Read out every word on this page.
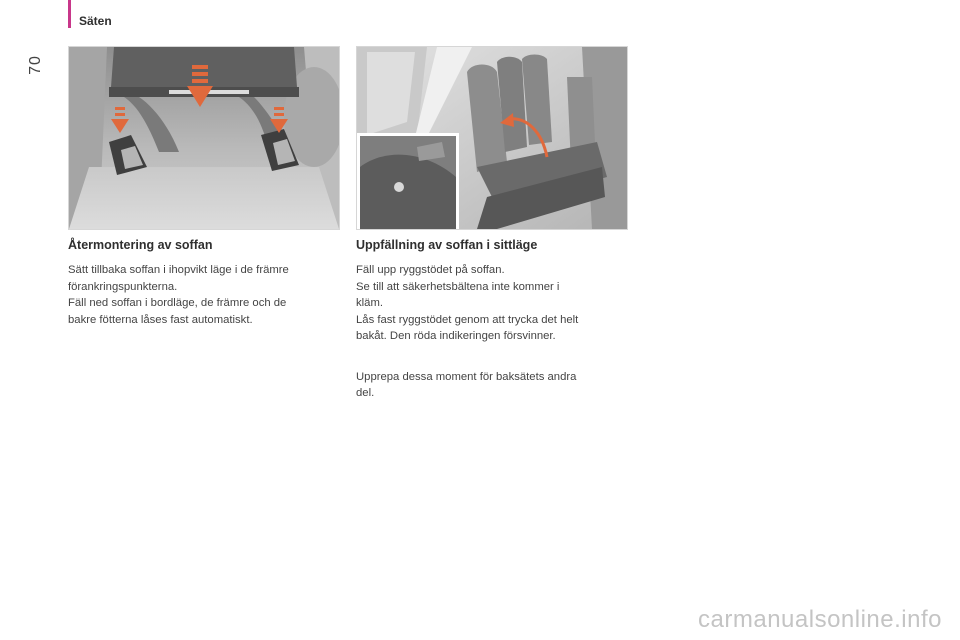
Säten
70
Återmontering av soffan

Sätt tillbaka soffan i ihopvikt läge i de främre
förankringspunkterna.
Fäll ned soffan i bordläge, de främre och de
bakre fötterna låses fast automatiskt.

Uppfällning av soffan i sittläge

Fäll upp ryggstödet på soffan.
Se till att säkerhetsbältena inte kommer i
kläm.
Lås fast ryggstödet genom att trycka det helt
bakåt. Den röda indikeringen försvinner.

Upprepa dessa moment för baksätets andra
del.

carmanualsonline.info
